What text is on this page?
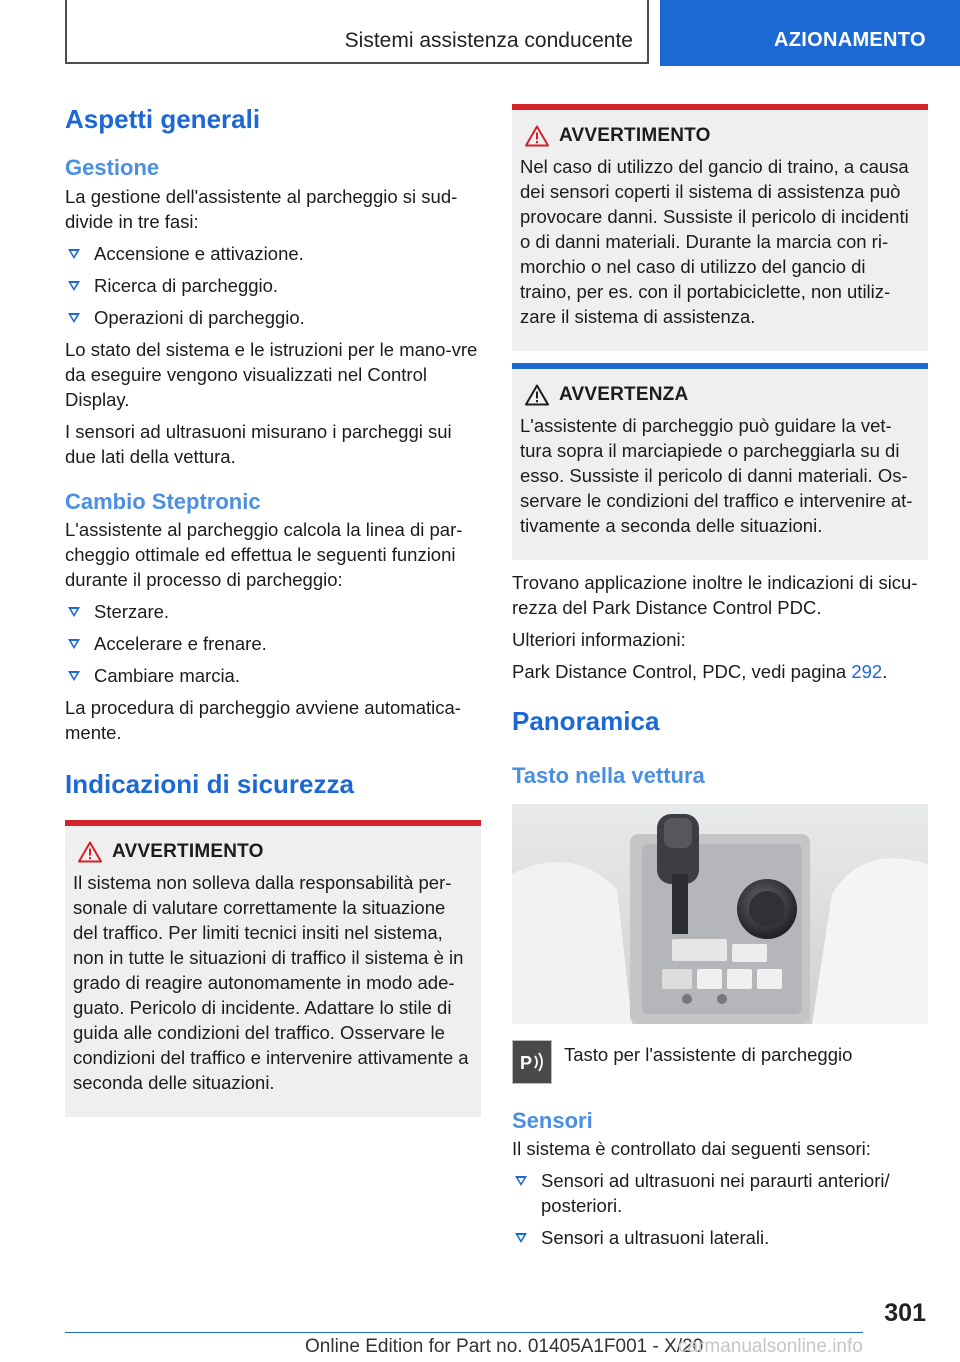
Sistemi assistenza conducente	AZIONAMENTO
Aspetti generali
Gestione

La gestione dell'assistente al parcheggio si sud-divide in tre fasi:

Accensione e attivazione.
Ricerca di parcheggio.
Operazioni di parcheggio.

Lo stato del sistema e le istruzioni per le mano-vre da eseguire vengono visualizzati nel Control Display.

I sensori ad ultrasuoni misurano i parcheggi sui due lati della vettura.

Cambio Steptronic

L'assistente al parcheggio calcola la linea di par-cheggio ottimale ed effettua le seguenti funzioni durante il processo di parcheggio:

Sterzare.
Accelerare e frenare.
Cambiare marcia.

La procedura di parcheggio avviene automatica-mente.

Indicazioni di sicurezza
AVVERTIMENTO
Il sistema non solleva dalla responsabilità per-sonale di valutare correttamente la situazione del traffico. Per limiti tecnici insiti nel sistema, non in tutte le situazioni di traffico il sistema è in grado di reagire autonomamente in modo ade-guato. Pericolo di incidente. Adattare lo stile di guida alle condizioni del traffico. Osservare le condizioni del traffico e intervenire attivamente a seconda delle situazioni.
AVVERTIMENTO
Nel caso di utilizzo del gancio di traino, a causa dei sensori coperti il sistema di assistenza può provocare danni. Sussiste il pericolo di incidenti o di danni materiali. Durante la marcia con ri-morchio o nel caso di utilizzo del gancio di traino, per es. con il portabiciclette, non utiliz-zare il sistema di assistenza.
AVVERTENZA
L'assistente di parcheggio può guidare la vet-tura sopra il marciapiede o parcheggiarla su di esso. Sussiste il pericolo di danni materiali. Os-servare le condizioni del traffico e intervenire at-tivamente a seconda delle situazioni.

Trovano applicazione inoltre le indicazioni di sicu-rezza del Park Distance Control PDC.

Ulteriori informazioni:

Park Distance Control, PDC, vedi pagina 292.

Panoramica
Tasto nella vettura
P Tasto per l'assistente di parcheggio
Sensori

Il sistema è controllato dai seguenti sensori:

Sensori ad ultrasuoni nei paraurti anteriori/ posteriori.
Sensori a ultrasuoni laterali.
301
Online Edition for Part no. 01405A1F001 - X/20
carmanualsonline.info
